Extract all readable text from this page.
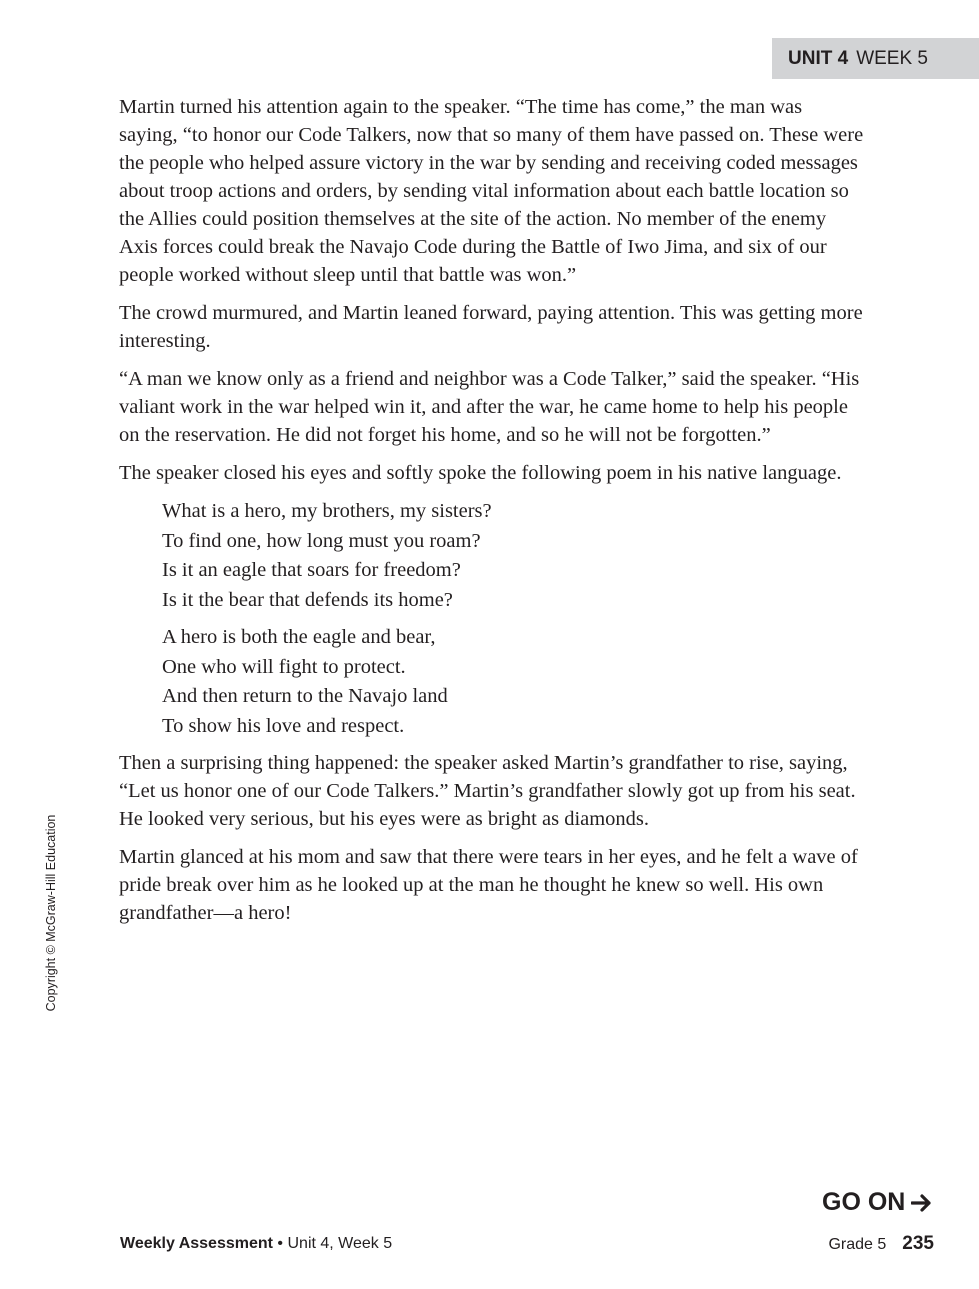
UNIT 4 WEEK 5

Martin turned his attention again to the speaker. “The time has come,” the man was saying, “to honor our Code Talkers, now that so many of them have passed on. These were the people who helped assure victory in the war by sending and receiving coded messages about troop actions and orders, by sending vital information about each battle location so the Allies could position themselves at the site of the action. No member of the enemy Axis forces could break the Navajo Code during the Battle of Iwo Jima, and six of our people worked without sleep until that battle was won.”

The crowd murmured, and Martin leaned forward, paying attention. This was getting more interesting.

“A man we know only as a friend and neighbor was a Code Talker,” said the speaker. “His valiant work in the war helped win it, and after the war, he came home to help his people on the reservation. He did not forget his home, and so he will not be forgotten.”

The speaker closed his eyes and softly spoke the following poem in his native language.

What is a hero, my brothers, my sisters?
To find one, how long must you roam?
Is it an eagle that soars for freedom?
Is it the bear that defends its home?
A hero is both the eagle and bear,
One who will fight to protect.
And then return to the Navajo land
To show his love and respect.

Then a surprising thing happened: the speaker asked Martin’s grandfather to rise, saying, “Let us honor one of our Code Talkers.” Martin’s grandfather slowly got up from his seat. He looked very serious, but his eyes were as bright as diamonds.

Martin glanced at his mom and saw that there were tears in her eyes, and he felt a wave of pride break over him as he looked up at the man he thought he knew so well. His own grandfather—a hero!

Copyright © McGraw-Hill Education
GO ON
Weekly Assessment • Unit 4, Week 5	Grade 5 235
